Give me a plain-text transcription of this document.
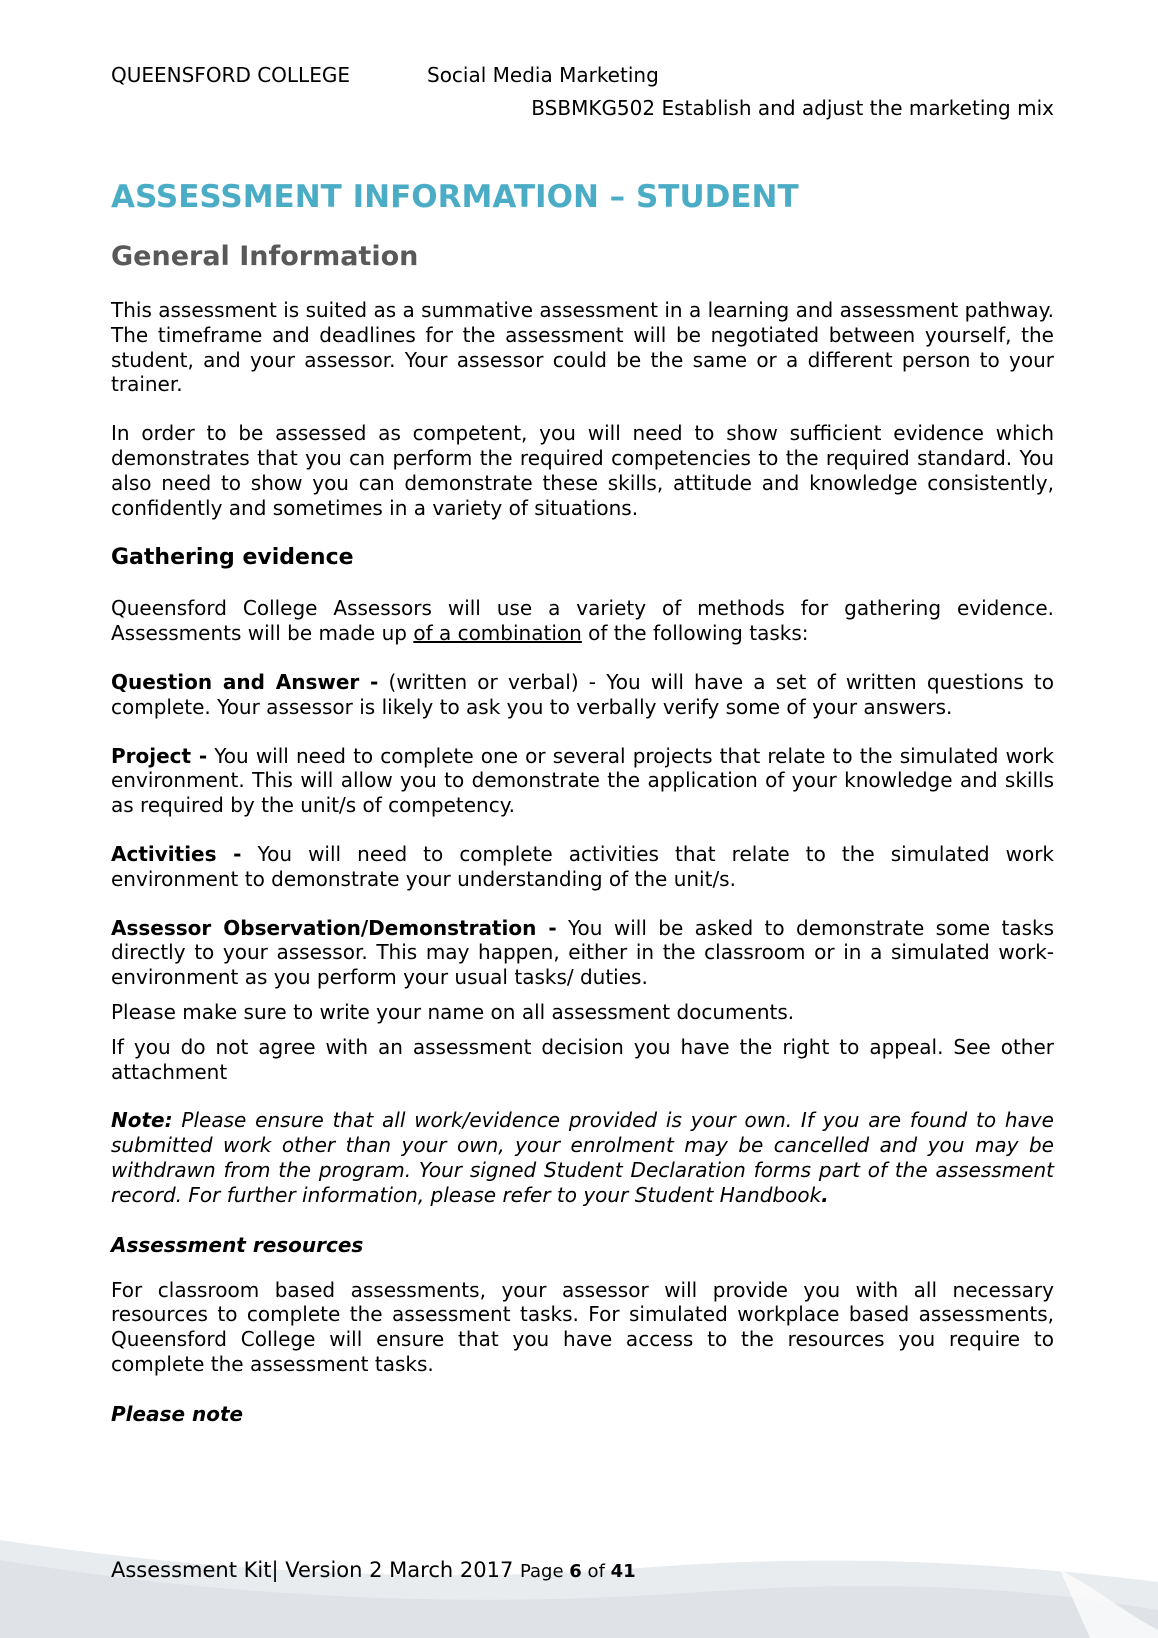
QUEENSFORD COLLEGE	Social Media Marketing
BSBMKG502 Establish and adjust the marketing mix
ASSESSMENT INFORMATION – STUDENT
General Information

This assessment is suited as a summative assessment in a learning and assessment pathway. The timeframe and deadlines for the assessment will be negotiated between yourself, the student, and your assessor. Your assessor could be the same or a different person to your trainer.

In order to be assessed as competent, you will need to show sufficient evidence which demonstrates that you can perform the required competencies to the required standard. You also need to show you can demonstrate these skills, attitude and knowledge consistently, confidently and sometimes in a variety of situations.

Gathering evidence

Queensford College Assessors will use a variety of methods for gathering evidence. Assessments will be made up of a combination of the following tasks:

Question and Answer - (written or verbal) - You will have a set of written questions to complete. Your assessor is likely to ask you to verbally verify some of your answers.

Project - You will need to complete one or several projects that relate to the simulated work environment. This will allow you to demonstrate the application of your knowledge and skills as required by the unit/s of competency.

Activities - You will need to complete activities that relate to the simulated work environment to demonstrate your understanding of the unit/s.

Assessor Observation/Demonstration - You will be asked to demonstrate some tasks directly to your assessor. This may happen, either in the classroom or in a simulated work-environment as you perform your usual tasks/ duties.

Please make sure to write your name on all assessment documents.

If you do not agree with an assessment decision you have the right to appeal. See other attachment

Note: Please ensure that all work/evidence provided is your own. If you are found to have submitted work other than your own, your enrolment may be cancelled and you may be withdrawn from the program. Your signed Student Declaration forms part of the assessment record. For further information, please refer to your Student Handbook.

Assessment resources

For classroom based assessments, your assessor will provide you with all necessary resources to complete the assessment tasks. For simulated workplace based assessments, Queensford College will ensure that you have access to the resources you require to complete the assessment tasks.

Please note
Assessment Kit| Version 2 March 2017 Page 6 of 41
